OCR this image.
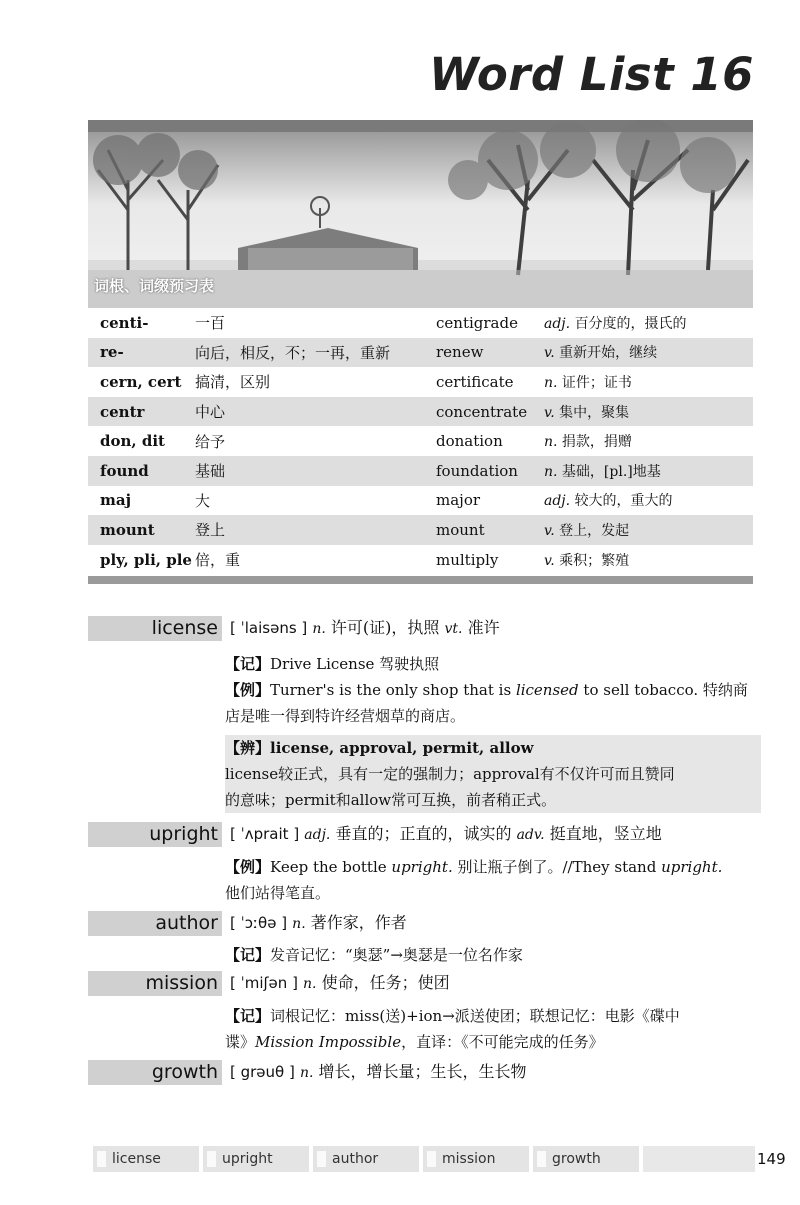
Word List 16
词根、词缀预习表
centi-	一百	centigrade	adj. 百分度的，摄氏的
re-	向后，相反，不；一再，重新	renew	v. 重新开始，继续
cern, cert	搞清，区别	certificate	n. 证件；证书
centr	中心	concentrate	v. 集中，聚集
don, dit	给予	donation	n. 捐款，捐赠
found	基础	foundation	n. 基础，[pl.]地基
maj	大	major	adj. 较大的，重大的
mount	登上	mount	v. 登上，发起
ply, pli, ple	倍，重	multiply	v. 乘积；繁殖
license [ ˈlaisəns ] n. 许可(证)，执照 vt. 准许
【记】Drive License 驾驶执照
【例】Turner's is the only shop that is licensed to sell tobacco. 特纳商
店是唯一得到特许经营烟草的商店。
【辨】license, approval, permit, allow
license较正式，具有一定的强制力；approval有不仅许可而且赞同
的意味；permit和allow常可互换，前者稍正式。
upright [ ˈʌprait ] adj. 垂直的；正直的，诚实的 adv. 挺直地，竖立地
【例】Keep the bottle upright. 别让瓶子倒了。//They stand upright.
他们站得笔直。
author [ ˈɔːθə ] n. 著作家，作者
【记】发音记忆：“奥瑟”→奥瑟是一位名作家
mission [ ˈmiʃən ] n. 使命，任务；使团
【记】词根记忆：miss(送)+ion→派送使团；联想记忆：电影《碟中
谍》Mission Impossible，直译：《不可能完成的任务》
growth [ grəuθ ] n. 增长，增长量；生长，生长物
license	upright	author	mission	growth	149
